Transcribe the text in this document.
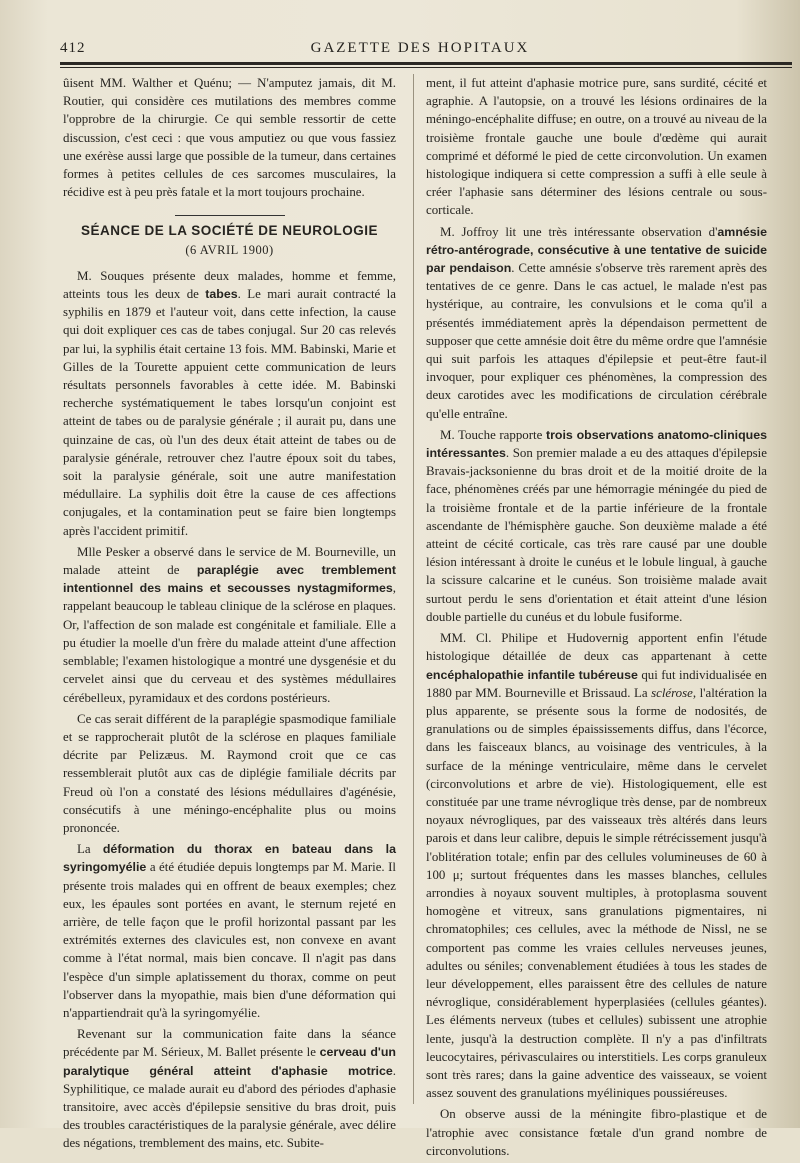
412	GAZETTE DES HOPITAUX

ûisent MM. Walther et Quénu; — N'amputez jamais, dit M. Routier, qui considère ces mutilations des membres comme l'opprobre de la chirurgie. Ce qui semble ressortir de cette discussion, c'est ceci : que vous amputiez ou que vous fassiez une exérèse aussi large que possible de la tumeur, dans certaines formes à petites cellules de ces sarcomes musculaires, la récidive est à peu près fatale et la mort toujours prochaine.

SÉANCE DE LA SOCIÉTÉ DE NEUROLOGIE
(6 AVRIL 1900)

M. Souques présente deux malades, homme et femme, atteints tous les deux de tabes. Le mari aurait contracté la syphilis en 1879 et l'auteur voit, dans cette infection, la cause qui doit expliquer ces cas de tabes conjugal. Sur 20 cas relevés par lui, la syphilis était certaine 13 fois. MM. Babinski, Marie et Gilles de la Tourette appuient cette communication de leurs résultats personnels favorables à cette idée. M. Babinski recherche systématiquement le tabes lorsqu'un conjoint est atteint de tabes ou de paralysie générale ; il aurait pu, dans une quinzaine de cas, où l'un des deux était atteint de tabes ou de paralysie générale, retrouver chez l'autre époux soit du tabes, soit la paralysie générale, soit une autre manifestation médullaire. La syphilis doit être la cause de ces affections conjugales, et la contamination peut se faire bien longtemps après l'accident primitif.

Mlle Pesker a observé dans le service de M. Bourneville, un malade atteint de paraplégie avec tremblement intentionnel des mains et secousses nystagmiformes, rappelant beaucoup le tableau clinique de la sclérose en plaques. Or, l'affection de son malade est congénitale et familiale. Elle a pu étudier la moelle d'un frère du malade atteint d'une affection semblable; l'examen histologique a montré une dysgenésie et du cervelet ainsi que du cerveau et des systèmes médullaires cérébelleux, pyramidaux et des cordons postérieurs.

Ce cas serait différent de la paraplégie spasmodique familiale et se rapprocherait plutôt de la sclérose en plaques familiale décrite par Pelizæus. M. Raymond croit que ce cas ressemblerait plutôt aux cas de diplégie familiale décrits par Freud où l'on a constaté des lésions médullaires d'agénésie, consécutifs à une méningo-encéphalite plus ou moins prononcée.

La déformation du thorax en bateau dans la syringomyélie a été étudiée depuis longtemps par M. Marie. Il présente trois malades qui en offrent de beaux exemples; chez eux, les épaules sont portées en avant, le sternum rejeté en arrière, de telle façon que le profil horizontal passant par les extrémités externes des clavicules est, non convexe en avant comme à l'état normal, mais bien concave. Il n'agit pas dans l'espèce d'un simple aplatissement du thorax, comme on peut l'observer dans la myopathie, mais bien d'une déformation qui n'appartiendrait qu'à la syringomyélie.

Revenant sur la communication faite dans la séance précédente par M. Sérieux, M. Ballet présente le cerveau d'un paralytique général atteint d'aphasie motrice. Syphilitique, ce malade aurait eu d'abord des périodes d'aphasie transitoire, avec accès d'épilepsie sensitive du bras droit, puis des troubles caractéristiques de la paralysie générale, avec délire des négations, tremblement des mains, etc. Subite-

ment, il fut atteint d'aphasie motrice pure, sans surdité, cécité et agraphie. A l'autopsie, on a trouvé les lésions ordinaires de la méningo-encéphalite diffuse; en outre, on a trouvé au niveau de la troisième frontale gauche une boule d'œdème qui aurait comprimé et déformé le pied de cette circonvolution. Un examen histologique indiquera si cette compression a suffi à elle seule à créer l'aphasie sans déterminer des lésions centrale ou sous-corticale.

M. Joffroy lit une très intéressante observation d'amnésie rétro-antérograde, consécutive à une tentative de suicide par pendaison. Cette amnésie s'observe très rarement après des tentatives de ce genre. Dans le cas actuel, le malade n'est pas hystérique, au contraire, les convulsions et le coma qu'il a présentés immédiatement après la dépendaison permettent de supposer que cette amnésie doit être du même ordre que l'amnésie qui suit parfois les attaques d'épilepsie et peut-être faut-il invoquer, pour expliquer ces phénomènes, la compression des deux carotides avec les modifications de circulation cérébrale qu'elle entraîne.

M. Touche rapporte trois observations anatomo-cliniques intéressantes. Son premier malade a eu des attaques d'épilepsie Bravais-jacksonienne du bras droit et de la moitié droite de la face, phénomènes créés par une hémorragie méningée du pied de la troisième frontale et de la partie inférieure de la frontale ascendante de l'hémisphère gauche. Son deuxième malade a été atteint de cécité corticale, cas très rare causé par une double lésion intéressant à droite le cunéus et le lobule lingual, à gauche la scissure calcarine et le cunéus. Son troisième malade avait surtout perdu le sens d'orientation et était atteint d'une lésion double partielle du cunéus et du lobule fusiforme.

MM. Cl. Philipe et Hudovernig apportent enfin l'étude histologique détaillée de deux cas appartenant à cette encéphalopathie infantile tubéreuse qui fut individualisée en 1880 par MM. Bourneville et Brissaud. La sclérose, l'altération la plus apparente, se présente sous la forme de nodosités, de granulations ou de simples épaississements diffus, dans l'écorce, dans les faisceaux blancs, au voisinage des ventricules, à la surface de la méninge ventriculaire, même dans le cervelet (circonvolutions et arbre de vie). Histologiquement, elle est constituée par une trame névroglique très dense, par de nombreux noyaux névrogliques, par des vaisseaux très altérés dans leurs parois et dans leur calibre, depuis le simple rétrécissement jusqu'à l'oblitération totale; enfin par des cellules volumineuses de 60 à 100 μ; surtout fréquentes dans les masses blanches, cellules arrondies à noyaux souvent multiples, à protoplasma souvent homogène et vitreux, sans granulations pigmentaires, ni chromatophiles; ces cellules, avec la méthode de Nissl, ne se comportent pas comme les vraies cellules nerveuses jeunes, adultes ou séniles; convenablement étudiées à tous les stades de leur développement, elles paraissent être des cellules de nature névroglique, considérablement hyperplasiées (cellules géantes). Les éléments nerveux (tubes et cellules) subissent une atrophie lente, jusqu'à la destruction complète. Il n'y a pas d'infiltrats leucocytaires, périvasculaires ou interstitiels. Les corps granuleux sont très rares; dans la gaine adventice des vaisseaux, se voient assez souvent des granulations myéliniques poussiéreuses.

On observe aussi de la méningite fibro-plastique et de l'atrophie avec consistance fœtale d'un grand nombre de circonvolutions.
